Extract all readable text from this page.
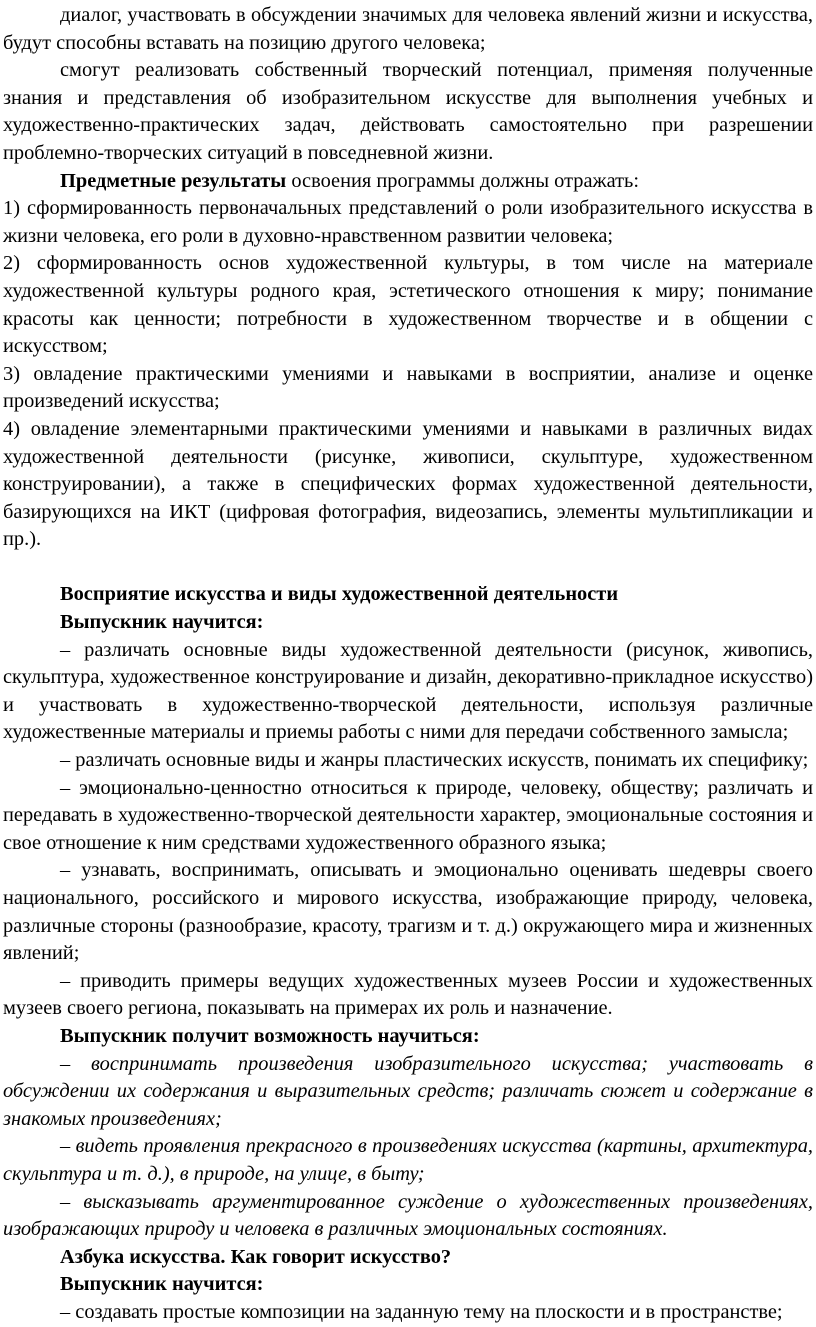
диалог, участвовать в обсуждении значимых для человека явлений жизни и искусства, будут способны вставать на позицию другого человека;

смогут реализовать собственный творческий потенциал, применяя полученные знания и представления об изобразительном искусстве для выполнения учебных и художественно-практических задач, действовать самостоятельно при разрешении проблемно-творческих ситуаций в повседневной жизни.

Предметные результаты освоения программы должны отражать:

1) сформированность первоначальных представлений о роли изобразительного искусства в жизни человека, его роли в духовно-нравственном развитии человека;

2) сформированность основ художественной культуры, в том числе на материале художественной культуры родного края, эстетического отношения к миру; понимание красоты как ценности; потребности в художественном творчестве и в общении с искусством;

3) овладение практическими умениями и навыками в восприятии, анализе и оценке произведений искусства;

4) овладение элементарными практическими умениями и навыками в различных видах художественной деятельности (рисунке, живописи, скульптуре, художественном конструировании), а также в специфических формах художественной деятельности, базирующихся на ИКТ (цифровая фотография, видеозапись, элементы мультипликации и пр.).

Восприятие искусства и виды художественной деятельности

Выпускник научится:

– различать основные виды художественной деятельности (рисунок, живопись, скульптура, художественное конструирование и дизайн, декоративно-прикладное искусство) и участвовать в художественно-творческой деятельности, используя различные художественные материалы и приемы работы с ними для передачи собственного замысла;

– различать основные виды и жанры пластических искусств, понимать их специфику;

– эмоционально-ценностно относиться к природе, человеку, обществу; различать и передавать в художественно-творческой деятельности характер, эмоциональные состояния и свое отношение к ним средствами художественного образного языка;

– узнавать, воспринимать, описывать и эмоционально оценивать шедевры своего национального, российского и мирового искусства, изображающие природу, человека, различные стороны (разнообразие, красоту, трагизм и т. д.) окружающего мира и жизненных явлений;

– приводить примеры ведущих художественных музеев России и художественных музеев своего региона, показывать на примерах их роль и назначение.

Выпускник получит возможность научиться:

– воспринимать произведения изобразительного искусства; участвовать в обсуждении их содержания и выразительных средств; различать сюжет и содержание в знакомых произведениях;

– видеть проявления прекрасного в произведениях искусства (картины, архитектура, скульптура и т. д.), в природе, на улице, в быту;

– высказывать аргументированное суждение о художественных произведениях, изображающих природу и человека в различных эмоциональных состояниях.

Азбука искусства. Как говорит искусство?

Выпускник научится:

– создавать простые композиции на заданную тему на плоскости и в пространстве;
